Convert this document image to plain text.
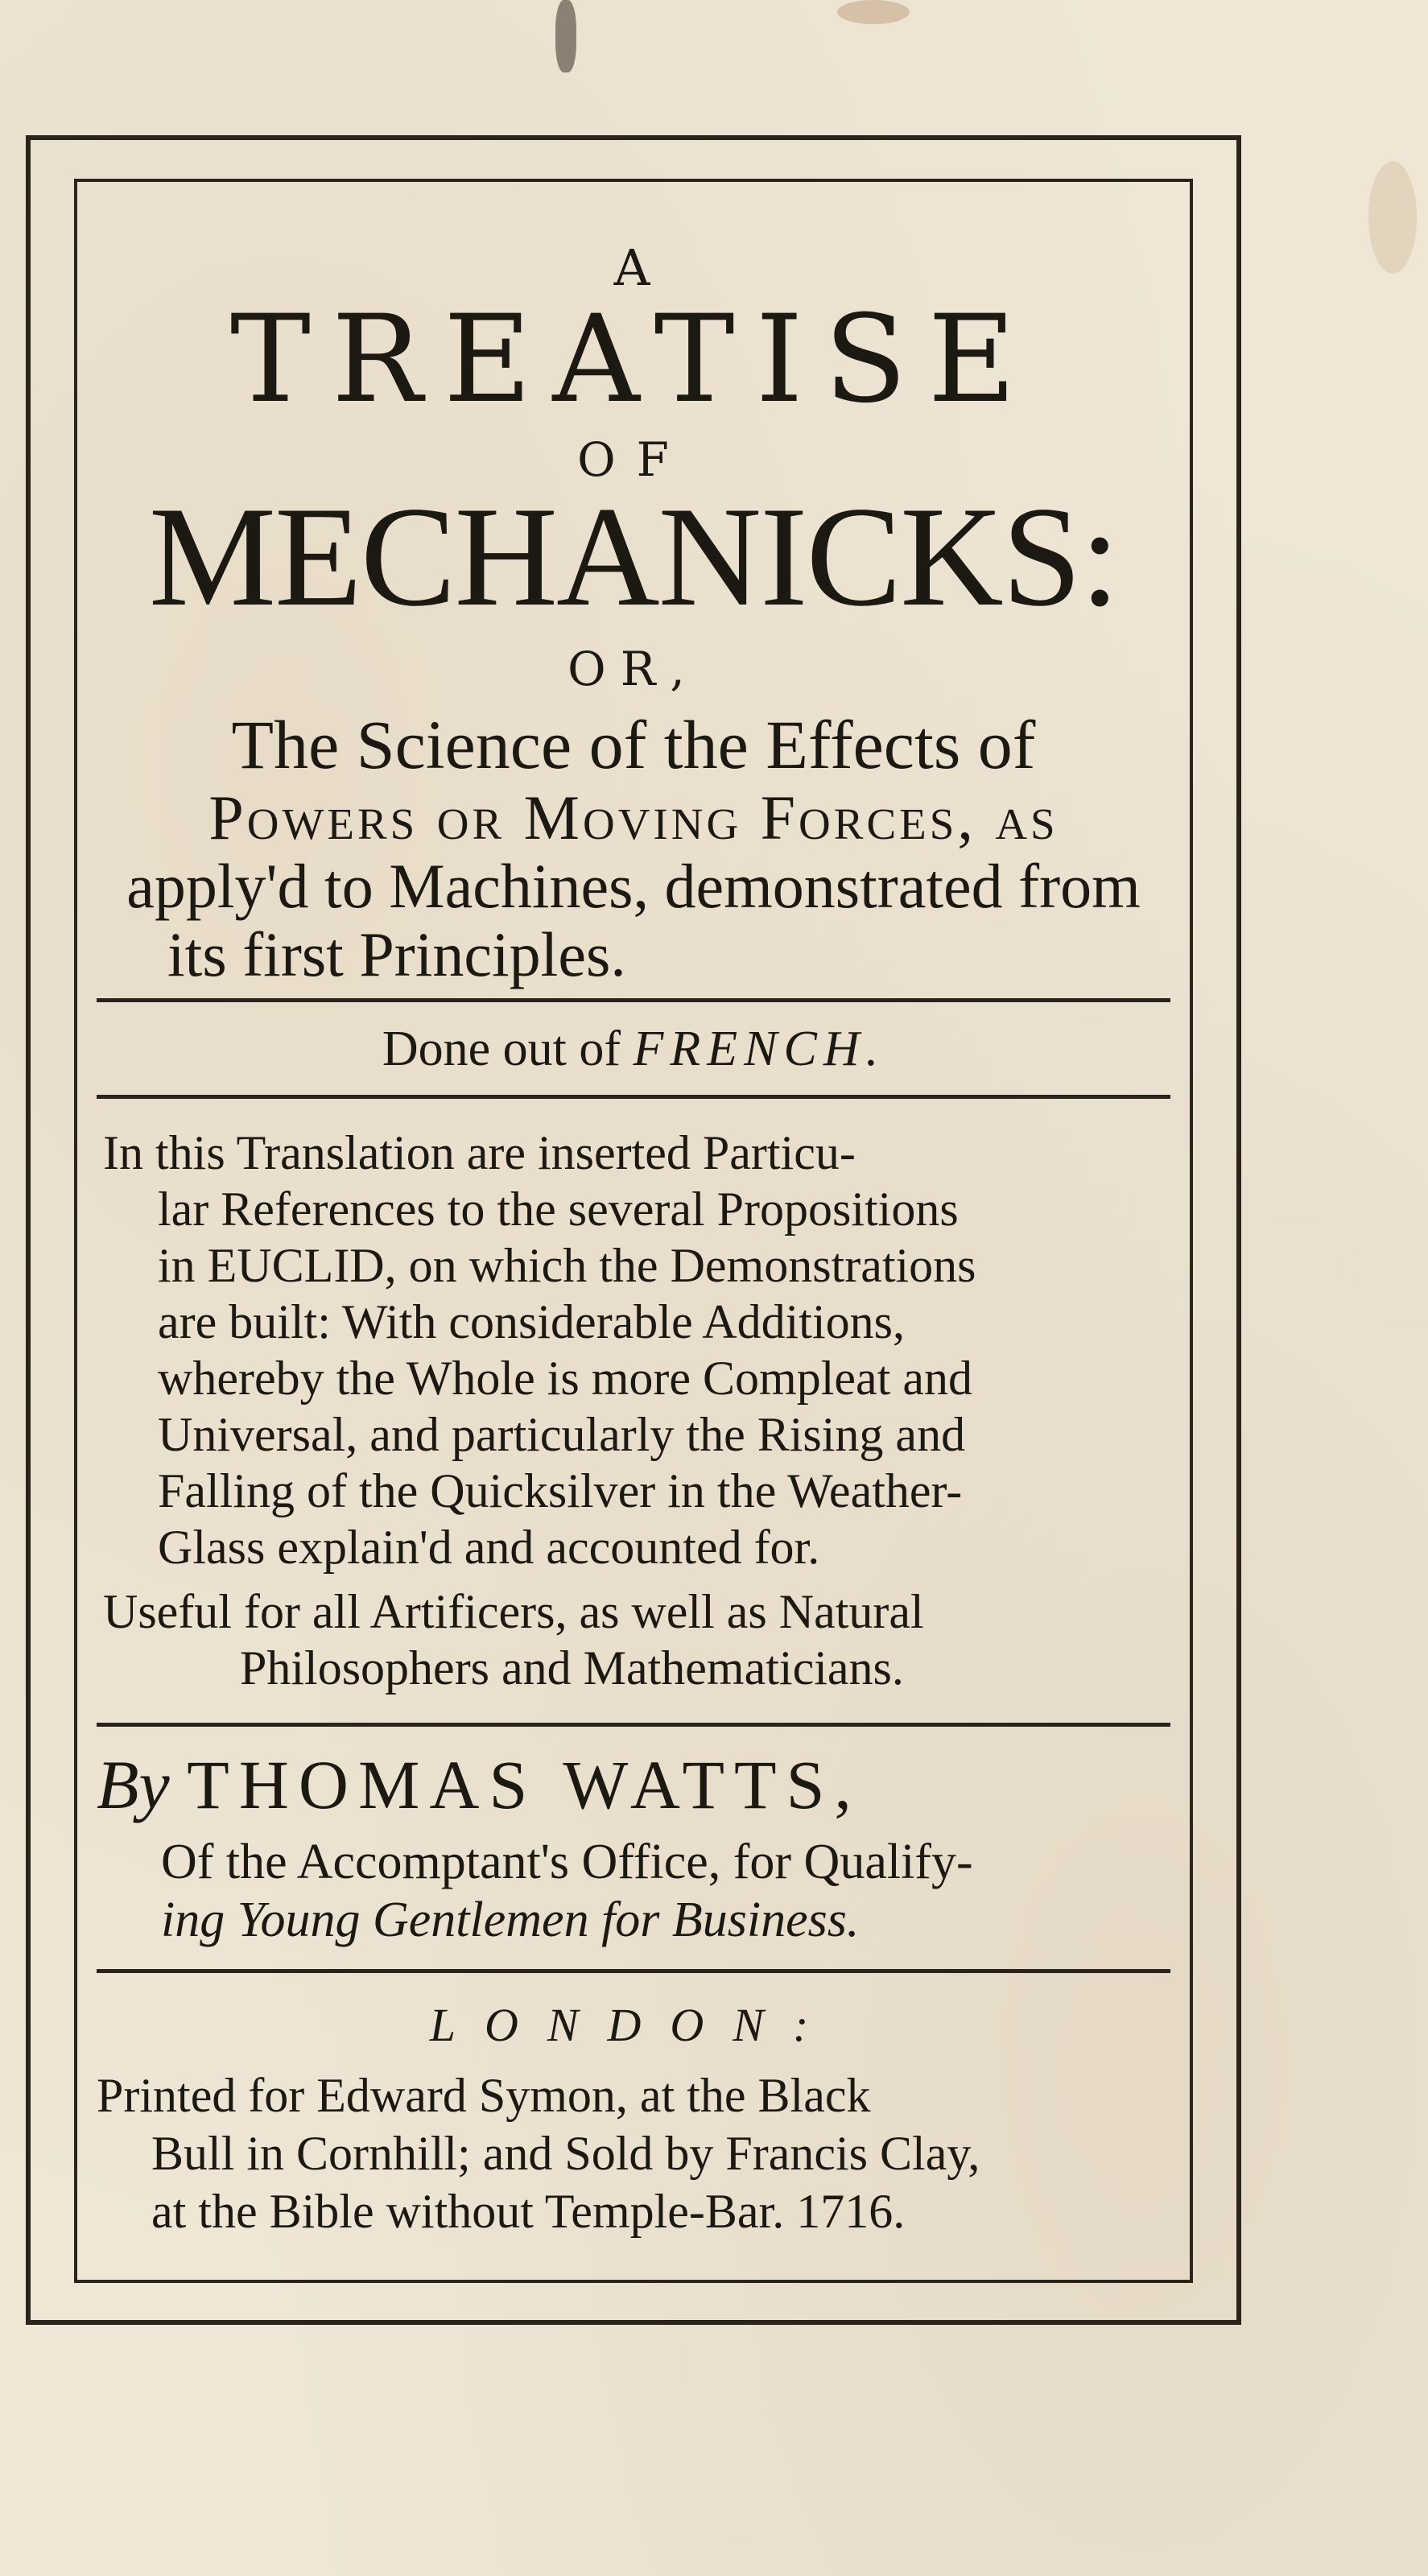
A
TREATISE
OF
MECHANICKS:
OR,
The Science of the Effects of
Powers or Moving Forces, as
apply'd to Machines, demonstrated from
its first Principles.
Done out of FRENCH.
In this Translation are inserted Particu-
lar References to the several Propositions
in EUCLID, on which the Demonstrations
are built: With considerable Additions,
whereby the Whole is more Compleat and
Universal, and particularly the Rising and
Falling of the Quicksilver in the Weather-
Glass explain'd and accounted for.
Useful for all Artificers, as well as Natural
Philosophers and Mathematicians.
By THOMAS WATTS,
Of the Accomptant's Office, for Qualify-
ing Young Gentlemen for Business.
LONDON:
Printed for Edward Symon, at the Black
Bull in Cornhill; and Sold by Francis Clay,
at the Bible without Temple-Bar. 1716.
